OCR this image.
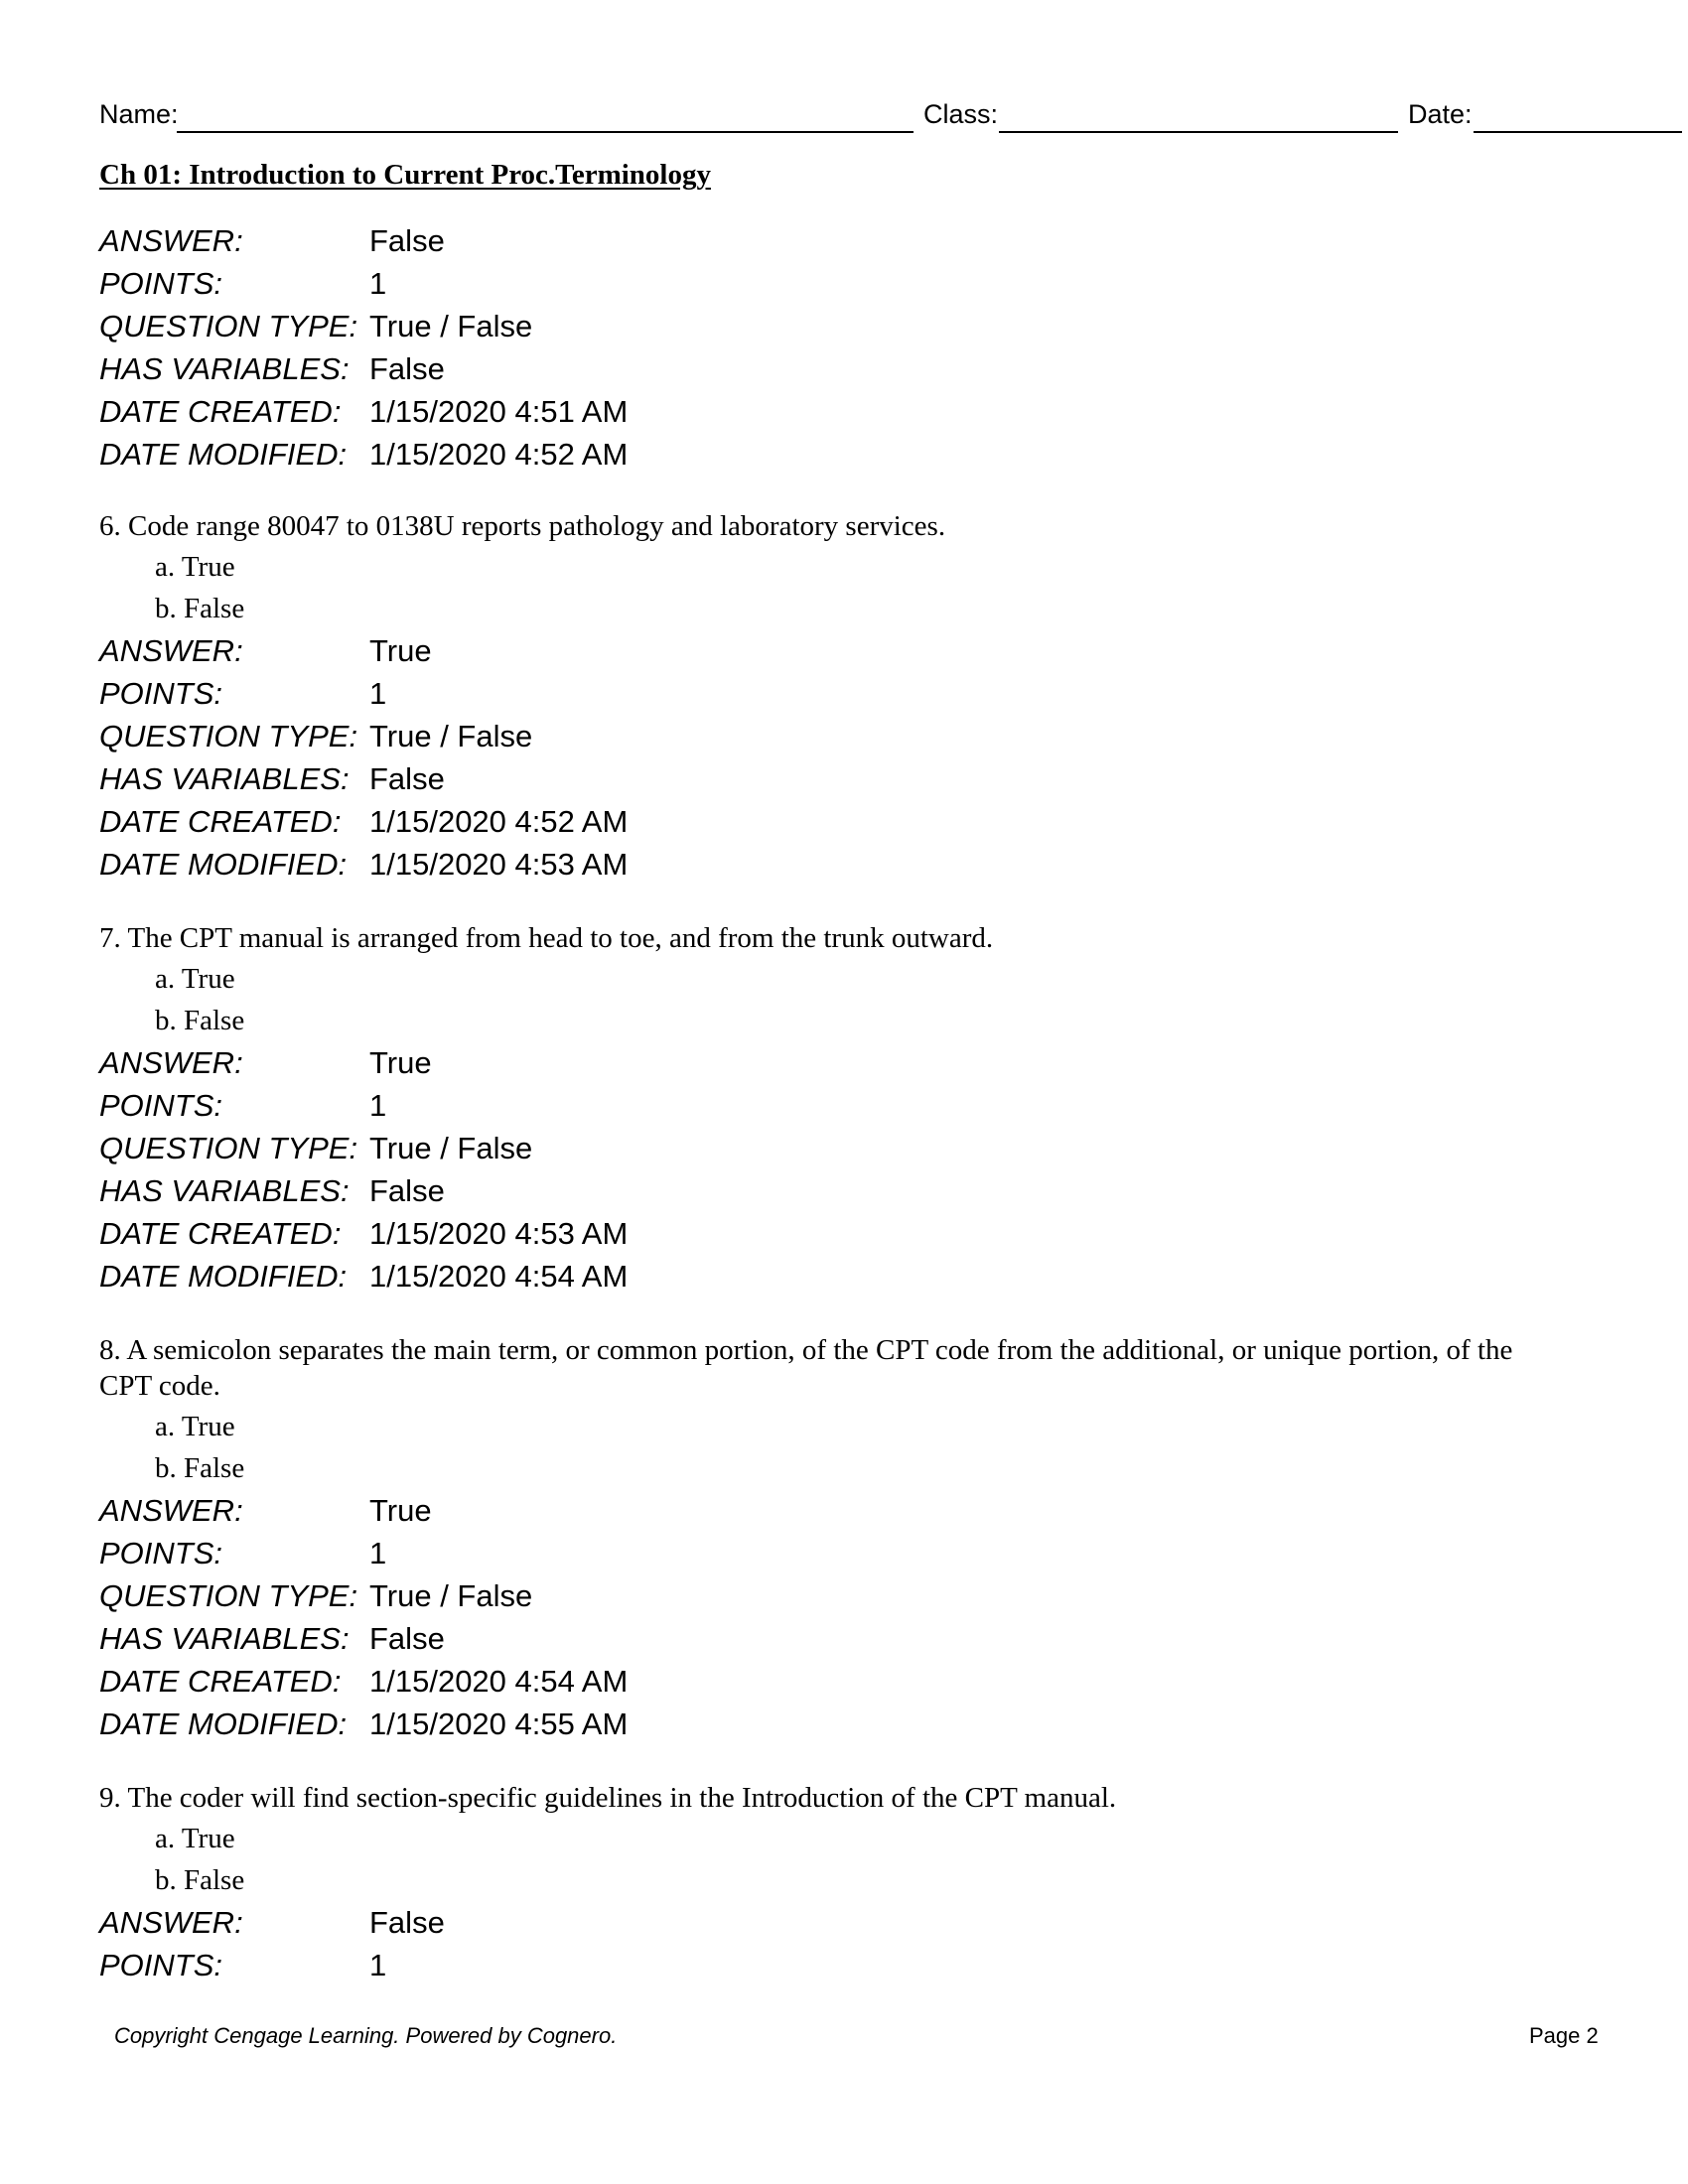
Name:	Class:	Date:
Ch 01: Introduction to Current Proc.Terminology
ANSWER:	False
POINTS:	1
QUESTION TYPE: True / False
HAS VARIABLES: False
DATE CREATED: 1/15/2020 4:51 AM
DATE MODIFIED: 1/15/2020 4:52 AM
6. Code range 80047 to 0138U reports pathology and laboratory services.
a. True
b. False
ANSWER:	True
POINTS:	1
QUESTION TYPE: True / False
HAS VARIABLES: False
DATE CREATED: 1/15/2020 4:52 AM
DATE MODIFIED: 1/15/2020 4:53 AM
7. The CPT manual is arranged from head to toe, and from the trunk outward.
a. True
b. False
ANSWER:	True
POINTS:	1
QUESTION TYPE: True / False
HAS VARIABLES: False
DATE CREATED: 1/15/2020 4:53 AM
DATE MODIFIED: 1/15/2020 4:54 AM
8. A semicolon separates the main term, or common portion, of the CPT code from the additional, or unique portion, of the CPT code.
a. True
b. False
ANSWER:	True
POINTS:	1
QUESTION TYPE: True / False
HAS VARIABLES: False
DATE CREATED: 1/15/2020 4:54 AM
DATE MODIFIED: 1/15/2020 4:55 AM
9. The coder will find section-specific guidelines in the Introduction of the CPT manual.
a. True
b. False
ANSWER:	False
POINTS:	1
Copyright Cengage Learning. Powered by Cognero.	Page 2
